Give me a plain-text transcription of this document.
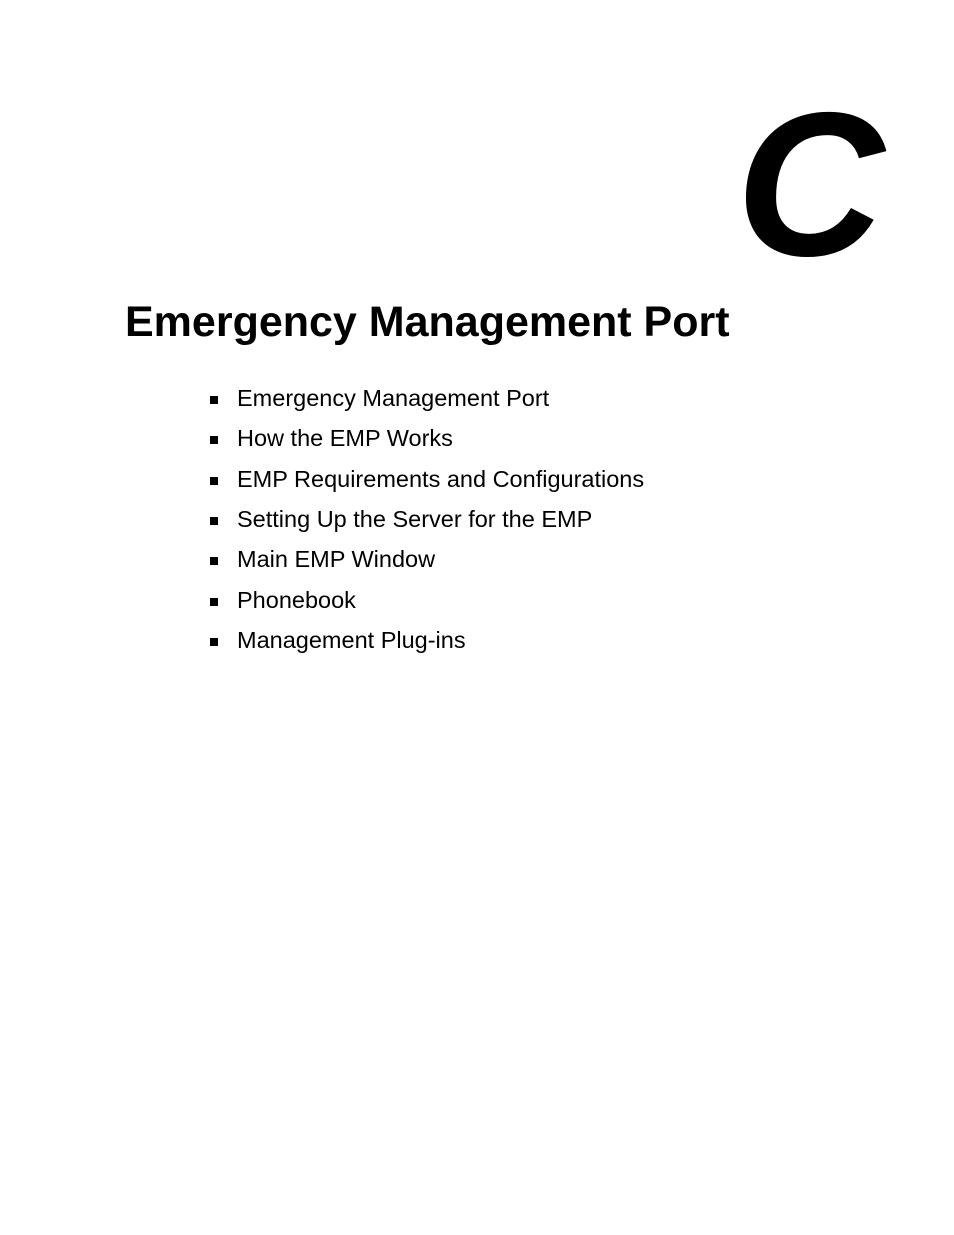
C
Emergency Management Port
Emergency Management Port
How the EMP Works
EMP Requirements and Configurations
Setting Up the Server for the EMP
Main EMP Window
Phonebook
Management Plug-ins
